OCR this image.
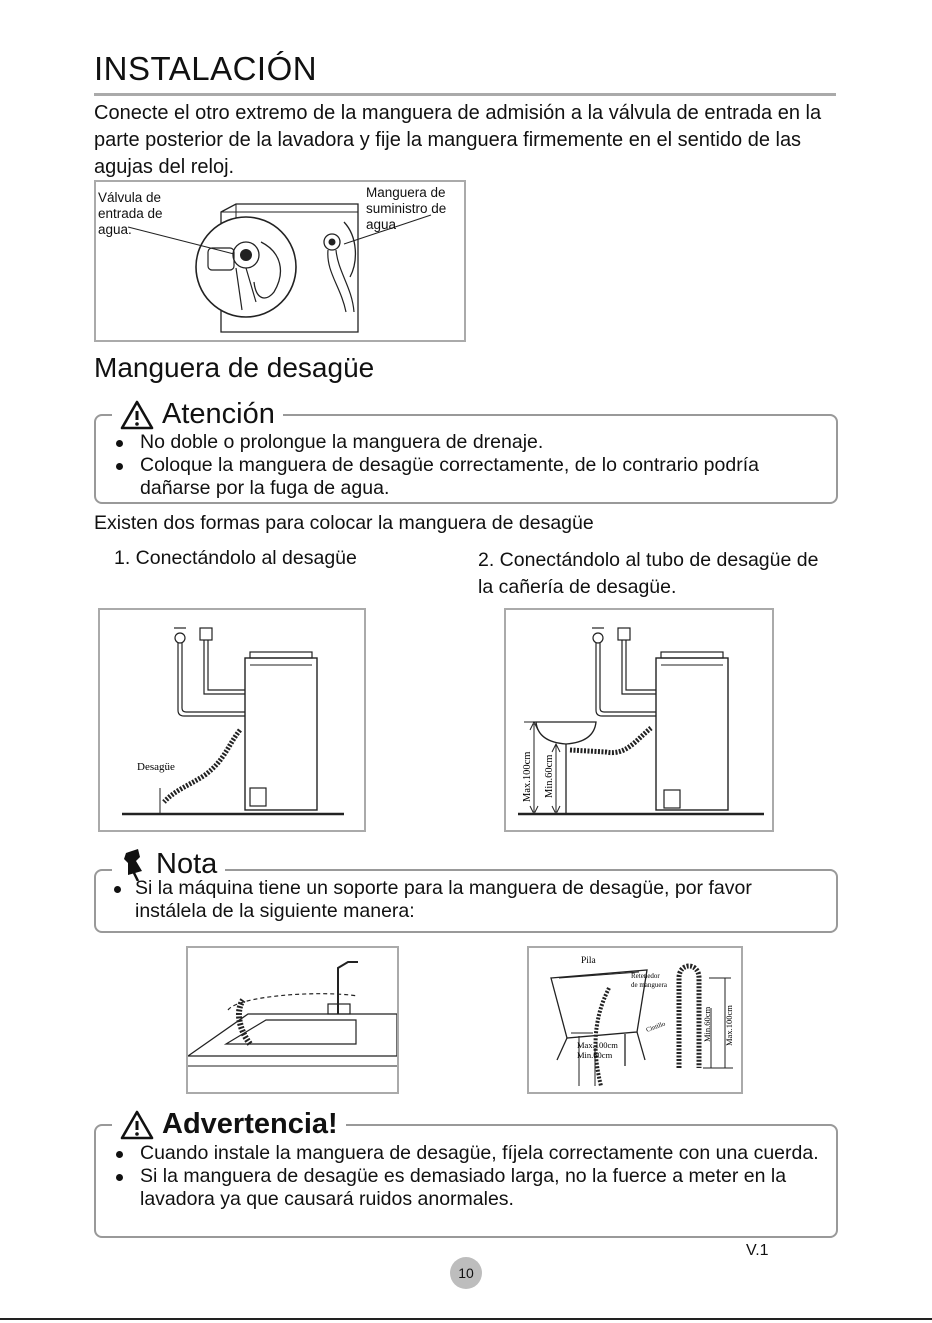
INSTALACIÓN
Conecte el otro extremo de la manguera de admisión a la válvula de entrada en la parte posterior de la lavadora y fije la manguera firmemente en el sentido de las agujas del reloj.
Válvula de
entrada de
agua.
Manguera de
suministro de
agua
Manguera de desagüe
Atención
No doble o prolongue la manguera de drenaje.
Coloque la manguera de desagüe correctamente, de lo contrario podría dañarse por la fuga de agua.
Existen dos formas para colocar la manguera de desagüe
1. Conectándolo al desagüe	2. Conectándolo al tubo de desagüe de la cañería de desagüe.
Desagüe	Max.100cm Min.60cm
Nota
Si la máquina tiene un soporte para la manguera de desagüe, por favor instálela de la siguiente manera:
Pila
Retenedor
de manguera
Cintillo
Max.100cm
Min.60cm
Max.100cm
Min.60cm
Advertencia!
Cuando instale la manguera de desagüe, fíjela correctamente con una cuerda.
Si la manguera de desagüe es demasiado larga, no la fuerce a meter en la lavadora ya que causará ruidos anormales.
V.1
10
